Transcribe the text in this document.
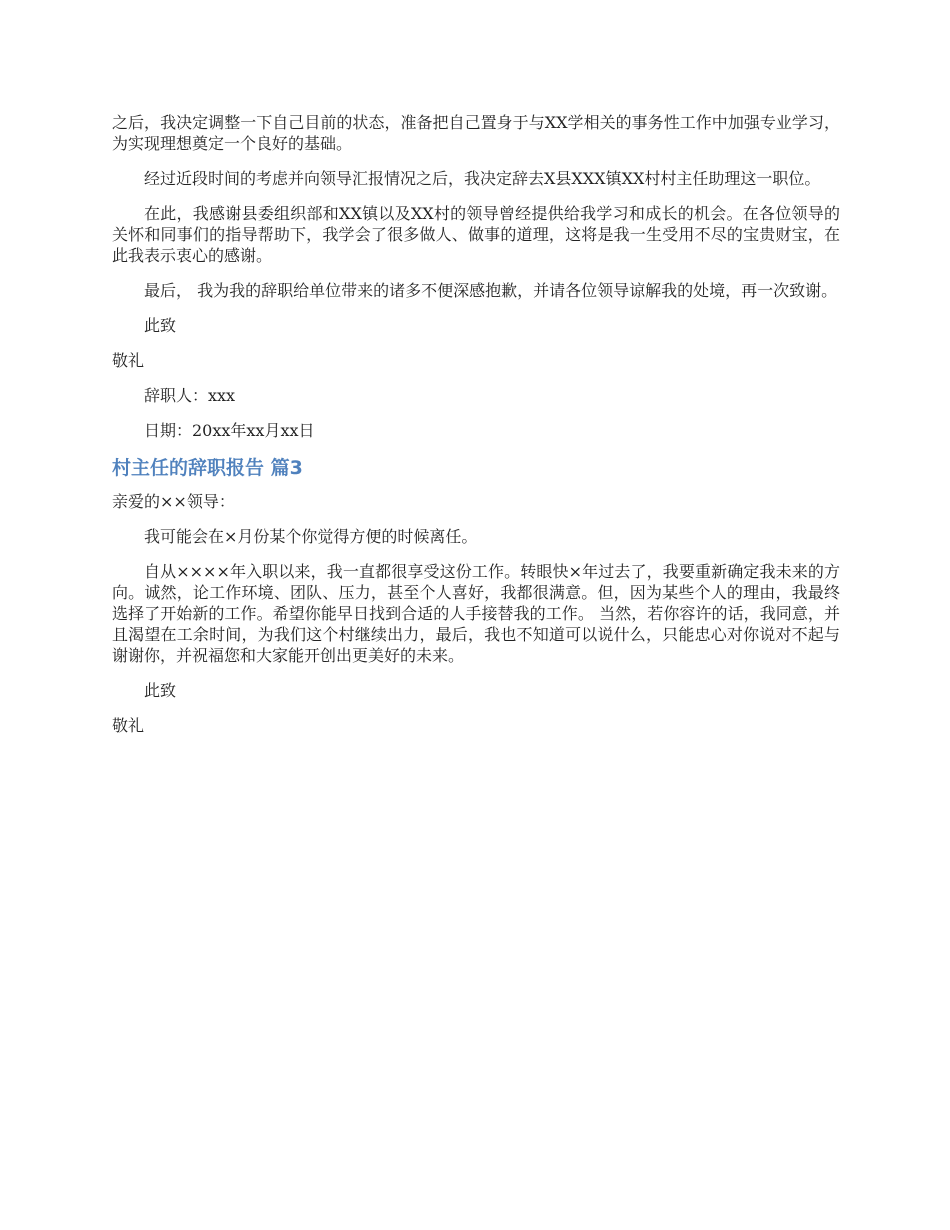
之后，我决定调整一下自己目前的状态，准备把自己置身于与XX学相关的事务性工作中加强专业学习，为实现理想奠定一个良好的基础。

经过近段时间的考虑并向领导汇报情况之后，我决定辞去X县XXX镇XX村村主任助理这一职位。

在此，我感谢县委组织部和XX镇以及XX村的领导曾经提供给我学习和成长的机会。在各位领导的关怀和同事们的指导帮助下，我学会了很多做人、做事的道理，这将是我一生受用不尽的宝贵财宝，在此我表示衷心的感谢。

最后， 我为我的辞职给单位带来的诸多不便深感抱歉，并请各位领导谅解我的处境，再一次致谢。

此致

敬礼

辞职人：xxx

日期：20xx年xx月xx日

村主任的辞职报告 篇3

亲爱的××领导：

我可能会在×月份某个你觉得方便的时候离任。

自从××××年入职以来，我一直都很享受这份工作。转眼快×年过去了，我要重新确定我未来的方向。诚然，论工作环境、团队、压力，甚至个人喜好，我都很满意。但，因为某些个人的理由，我最终选择了开始新的工作。希望你能早日找到合适的人手接替我的工作。 当然，若你容许的话，我同意，并且渴望在工余时间，为我们这个村继续出力，最后，我也不知道可以说什么，只能忠心对你说对不起与谢谢你，并祝福您和大家能开创出更美好的未来。

此致

敬礼
